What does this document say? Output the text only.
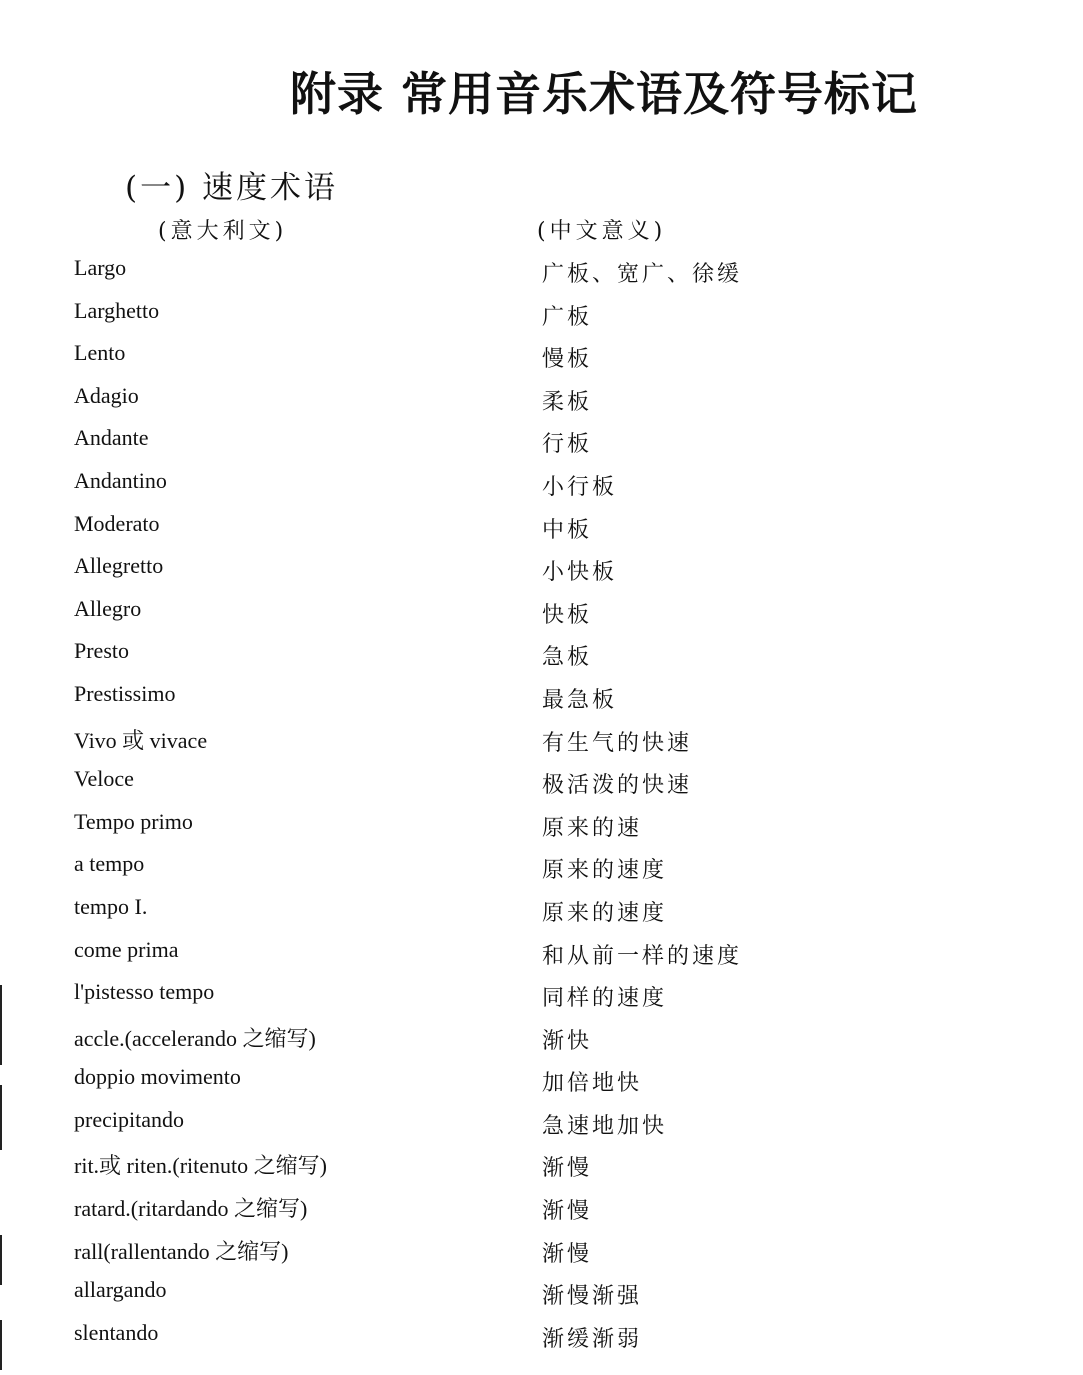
附录 常用音乐术语及符号标记
(一) 速度术语
(意大利文)	(中文意义)
Largo	广板、宽广、徐缓
Larghetto	广板
Lento	慢板
Adagio	柔板
Andante	行板
Andantino	小行板
Moderato	中板
Allegretto	小快板
Allegro	快板
Presto	急板
Prestissimo	最急板
Vivo 或 vivace	有生气的快速
Veloce	极活泼的快速
Tempo primo	原来的速
a tempo	原来的速度
tempo I.	原来的速度
come prima	和从前一样的速度
l'pistesso tempo	同样的速度
accle.(accelerando 之缩写)	渐快
doppio movimento	加倍地快
precipitando	急速地加快
rit.或 riten.(ritenuto 之缩写)	渐慢
ratard.(ritardando 之缩写)	渐慢
rall(rallentando 之缩写)	渐慢
allargando	渐慢渐强
slentando	渐缓渐弱
